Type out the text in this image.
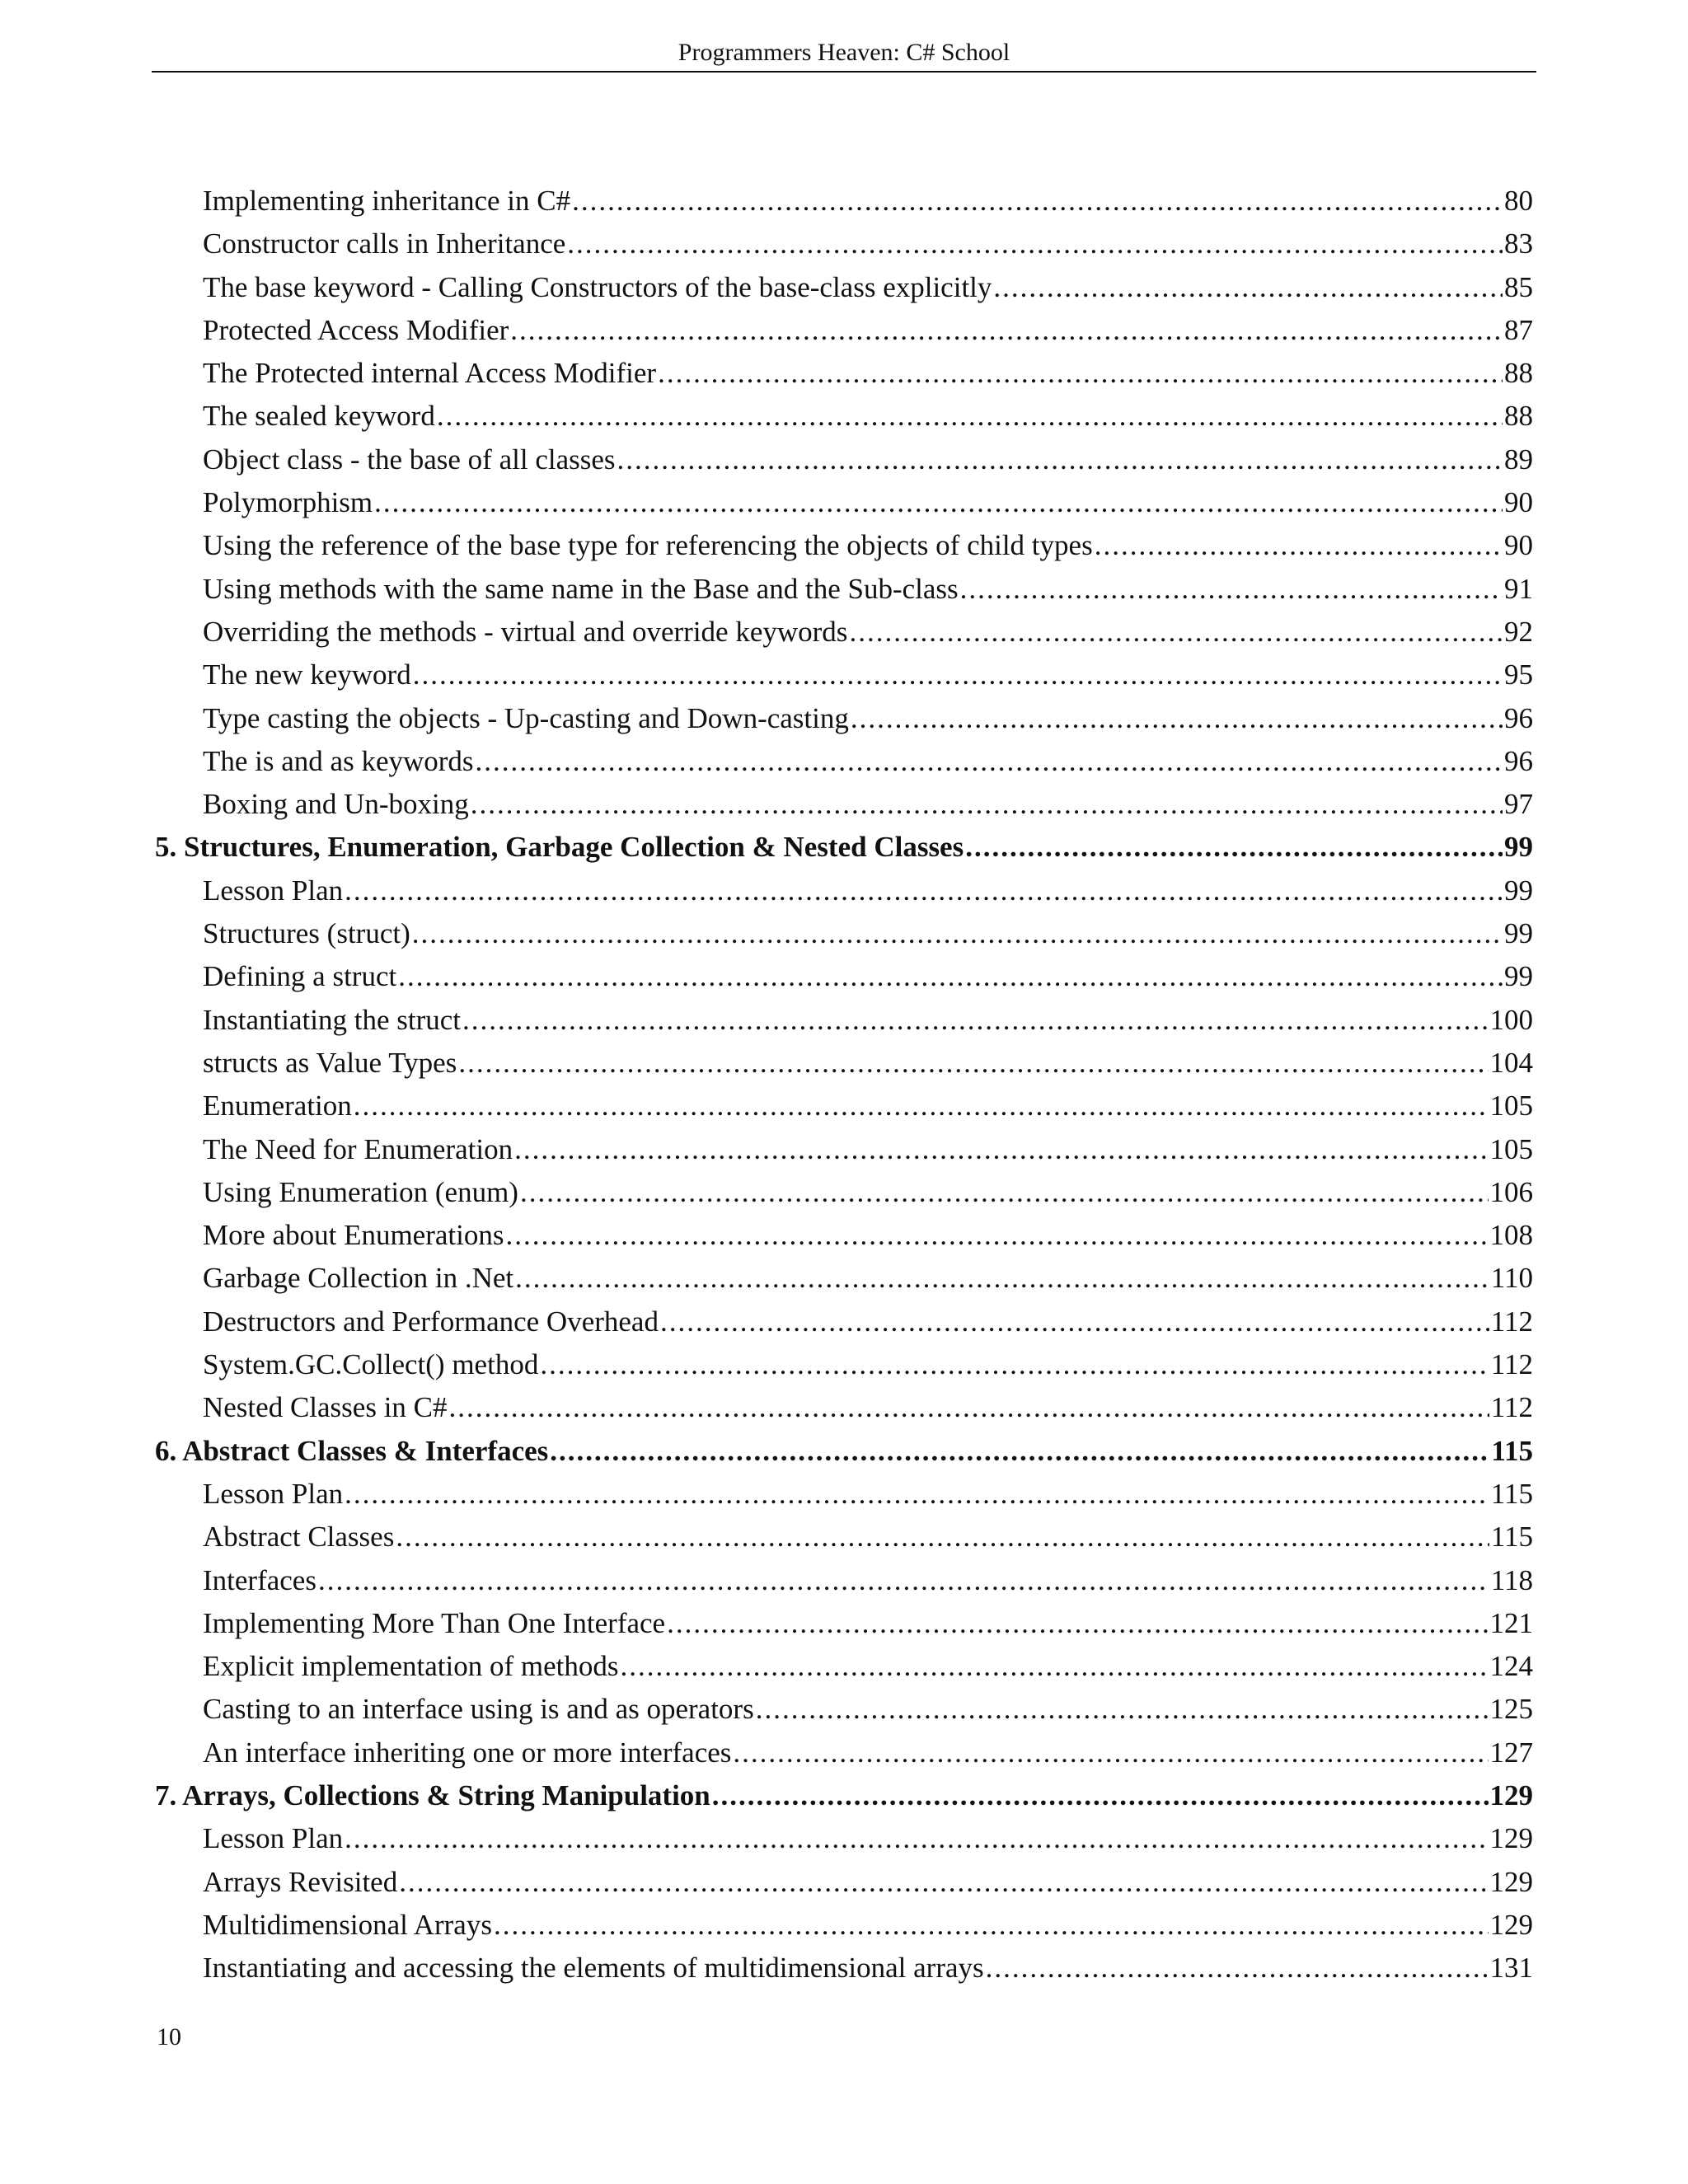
Programmers Heaven: C# School
Implementing inheritance in C# .....	80
Constructor calls in Inheritance .....	83
The base keyword - Calling Constructors of the base-class explicitly .....	85
Protected Access Modifier .....	87
The Protected internal Access Modifier .....	88
The sealed keyword .....	88
Object class - the base of all classes .....	89
Polymorphism .....	90
Using the reference of the base type for referencing the objects of child types .....	90
Using methods with the same name in the Base and the Sub-class .....	91
Overriding the methods - virtual and override keywords .....	92
The new keyword .....	95
Type casting the objects - Up-casting and Down-casting .....	96
The is and as keywords .....	96
Boxing and Un-boxing .....	97
5. Structures, Enumeration, Garbage Collection & Nested Classes .....	99
Lesson Plan .....	99
Structures (struct) .....	99
Defining a struct .....	99
Instantiating the struct .....	100
structs as Value Types .....	104
Enumeration .....	105
The Need for Enumeration .....	105
Using Enumeration (enum) .....	106
More about Enumerations .....	108
Garbage Collection in .Net .....	110
Destructors and Performance Overhead .....	112
System.GC.Collect() method .....	112
Nested Classes in C# .....	112
6. Abstract Classes & Interfaces .....	115
Lesson Plan .....	115
Abstract Classes .....	115
Interfaces .....	118
Implementing More Than One Interface .....	121
Explicit implementation of methods .....	124
Casting to an interface using is and as operators .....	125
An interface inheriting one or more interfaces .....	127
7. Arrays, Collections & String Manipulation .....	129
Lesson Plan .....	129
Arrays Revisited .....	129
Multidimensional Arrays .....	129
Instantiating and accessing the elements of multidimensional arrays .....	131
10
